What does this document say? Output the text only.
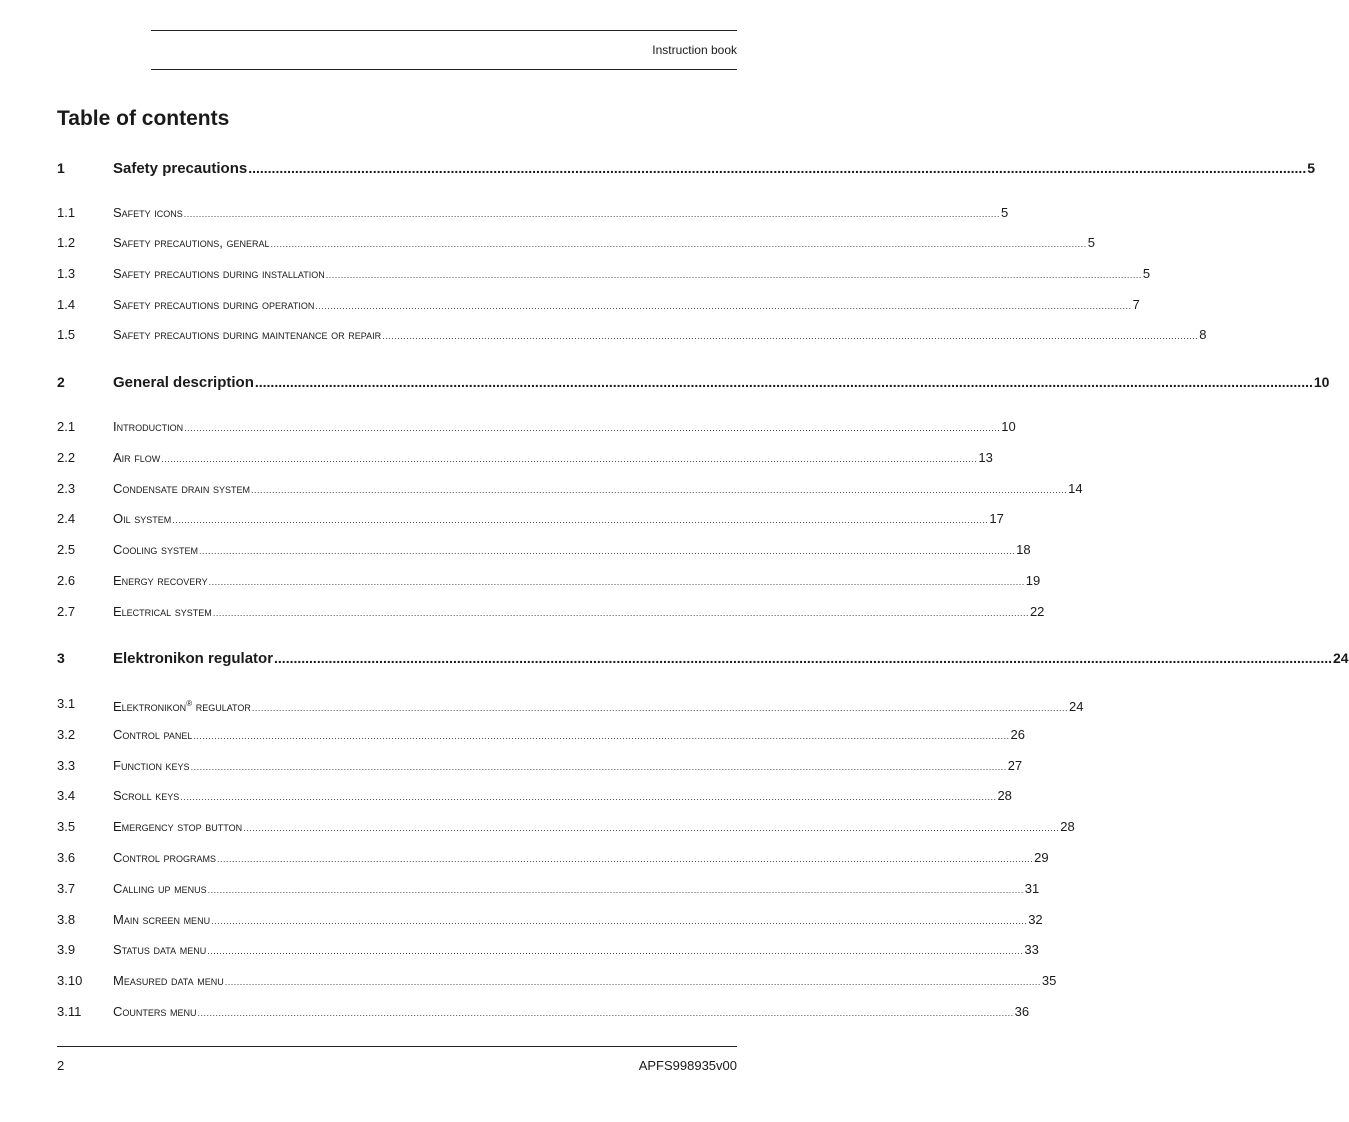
Instruction book
Table of contents
1	Safety precautions ................................................................................................................................................................................................................................................................................ 5
1.1	Safety icons ................................................................................................................................................................................................................................................................................ 5
1.2	Safety precautions, general ................................................................................................................................................................................................................................................................................ 5
1.3	Safety precautions during installation ................................................................................................................................................................................................................................................................................ 5
1.4	Safety precautions during operation ................................................................................................................................................................................................................................................................................ 7
1.5	Safety precautions during maintenance or repair ................................................................................................................................................................................................................................................................................ 8
2	General description ................................................................................................................................................................................................................................................................................ 10
2.1	Introduction ................................................................................................................................................................................................................................................................................ 10
2.2	Air flow ................................................................................................................................................................................................................................................................................ 13
2.3	Condensate drain system ................................................................................................................................................................................................................................................................................ 14
2.4	Oil system ................................................................................................................................................................................................................................................................................ 17
2.5	Cooling system ................................................................................................................................................................................................................................................................................ 18
2.6	Energy recovery ................................................................................................................................................................................................................................................................................ 19
2.7	Electrical system ................................................................................................................................................................................................................................................................................ 22
3	Elektronikon regulator ................................................................................................................................................................................................................................................................................ 24
3.1	Elektronikon® regulator ................................................................................................................................................................................................................................................................................ 24
3.2	Control panel ................................................................................................................................................................................................................................................................................ 26
3.3	Function keys ................................................................................................................................................................................................................................................................................ 27
3.4	Scroll keys ................................................................................................................................................................................................................................................................................ 28
3.5	Emergency stop button ................................................................................................................................................................................................................................................................................ 28
3.6	Control programs ................................................................................................................................................................................................................................................................................ 29
3.7	Calling up menus ................................................................................................................................................................................................................................................................................ 31
3.8	Main screen menu ................................................................................................................................................................................................................................................................................ 32
3.9	Status data menu ................................................................................................................................................................................................................................................................................ 33
3.10 Measured data menu ................................................................................................................................................................................................................................................................................ 35
3.11 Counters menu ................................................................................................................................................................................................................................................................................ 36
2	APFS998935v00
